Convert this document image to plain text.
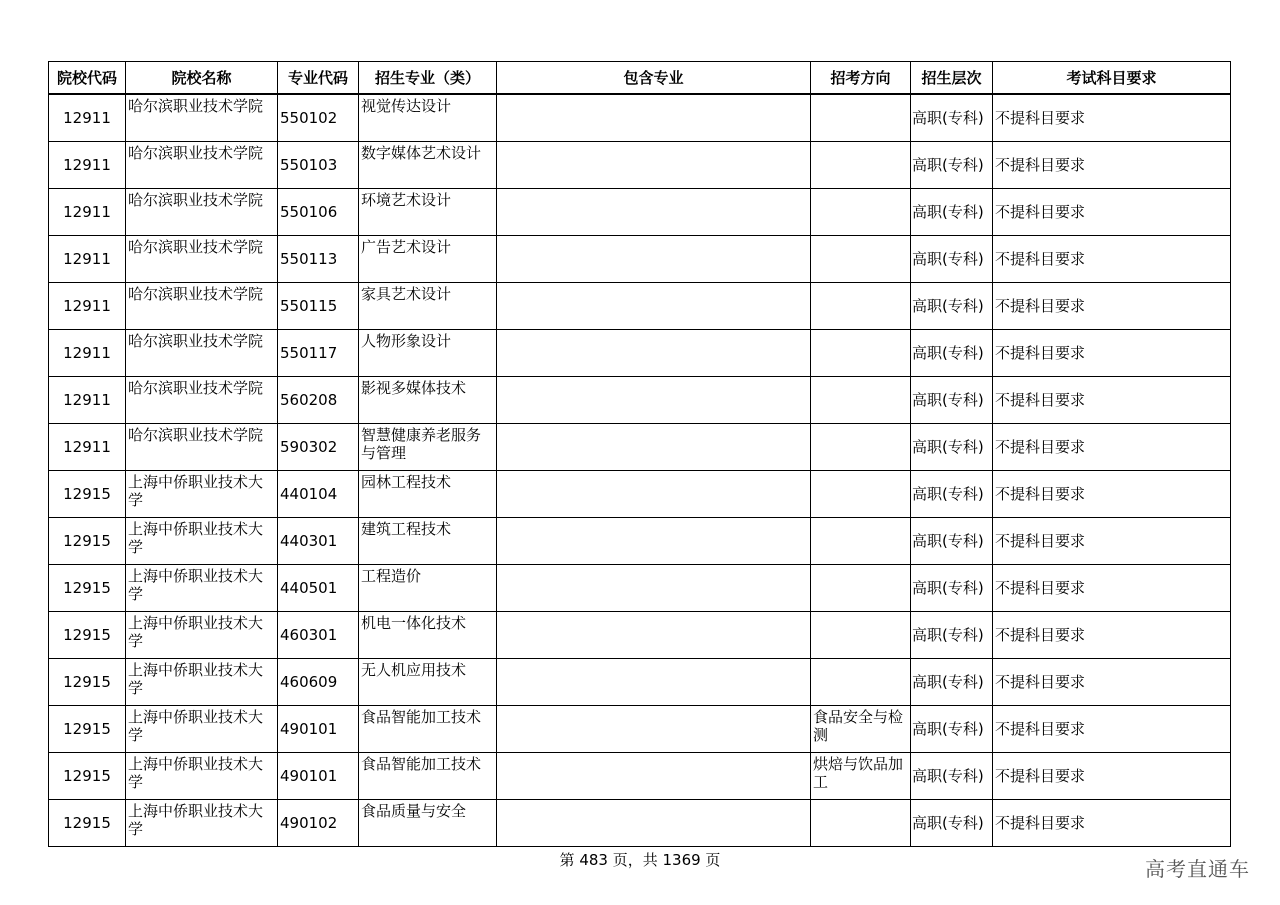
院校代码	院校名称	专业代码	招生专业（类）	包含专业	招考方向	招生层次	考试科目要求
12911	哈尔滨职业技术学院	550102	视觉传达设计			高职(专科)	不提科目要求
12911	哈尔滨职业技术学院	550103	数字媒体艺术设计			高职(专科)	不提科目要求
12911	哈尔滨职业技术学院	550106	环境艺术设计			高职(专科)	不提科目要求
12911	哈尔滨职业技术学院	550113	广告艺术设计			高职(专科)	不提科目要求
12911	哈尔滨职业技术学院	550115	家具艺术设计			高职(专科)	不提科目要求
12911	哈尔滨职业技术学院	550117	人物形象设计			高职(专科)	不提科目要求
12911	哈尔滨职业技术学院	560208	影视多媒体技术			高职(专科)	不提科目要求
12911	哈尔滨职业技术学院	590302	智慧健康养老服务与管理			高职(专科)	不提科目要求
12915	上海中侨职业技术大学	440104	园林工程技术			高职(专科)	不提科目要求
12915	上海中侨职业技术大学	440301	建筑工程技术			高职(专科)	不提科目要求
12915	上海中侨职业技术大学	440501	工程造价			高职(专科)	不提科目要求
12915	上海中侨职业技术大学	460301	机电一体化技术			高职(专科)	不提科目要求
12915	上海中侨职业技术大学	460609	无人机应用技术			高职(专科)	不提科目要求
12915	上海中侨职业技术大学	490101	食品智能加工技术		食品安全与检测	高职(专科)	不提科目要求
12915	上海中侨职业技术大学	490101	食品智能加工技术		烘焙与饮品加工	高职(专科)	不提科目要求
12915	上海中侨职业技术大学	490102	食品质量与安全			高职(专科)	不提科目要求
第 483 页，共 1369 页	高考直通车
